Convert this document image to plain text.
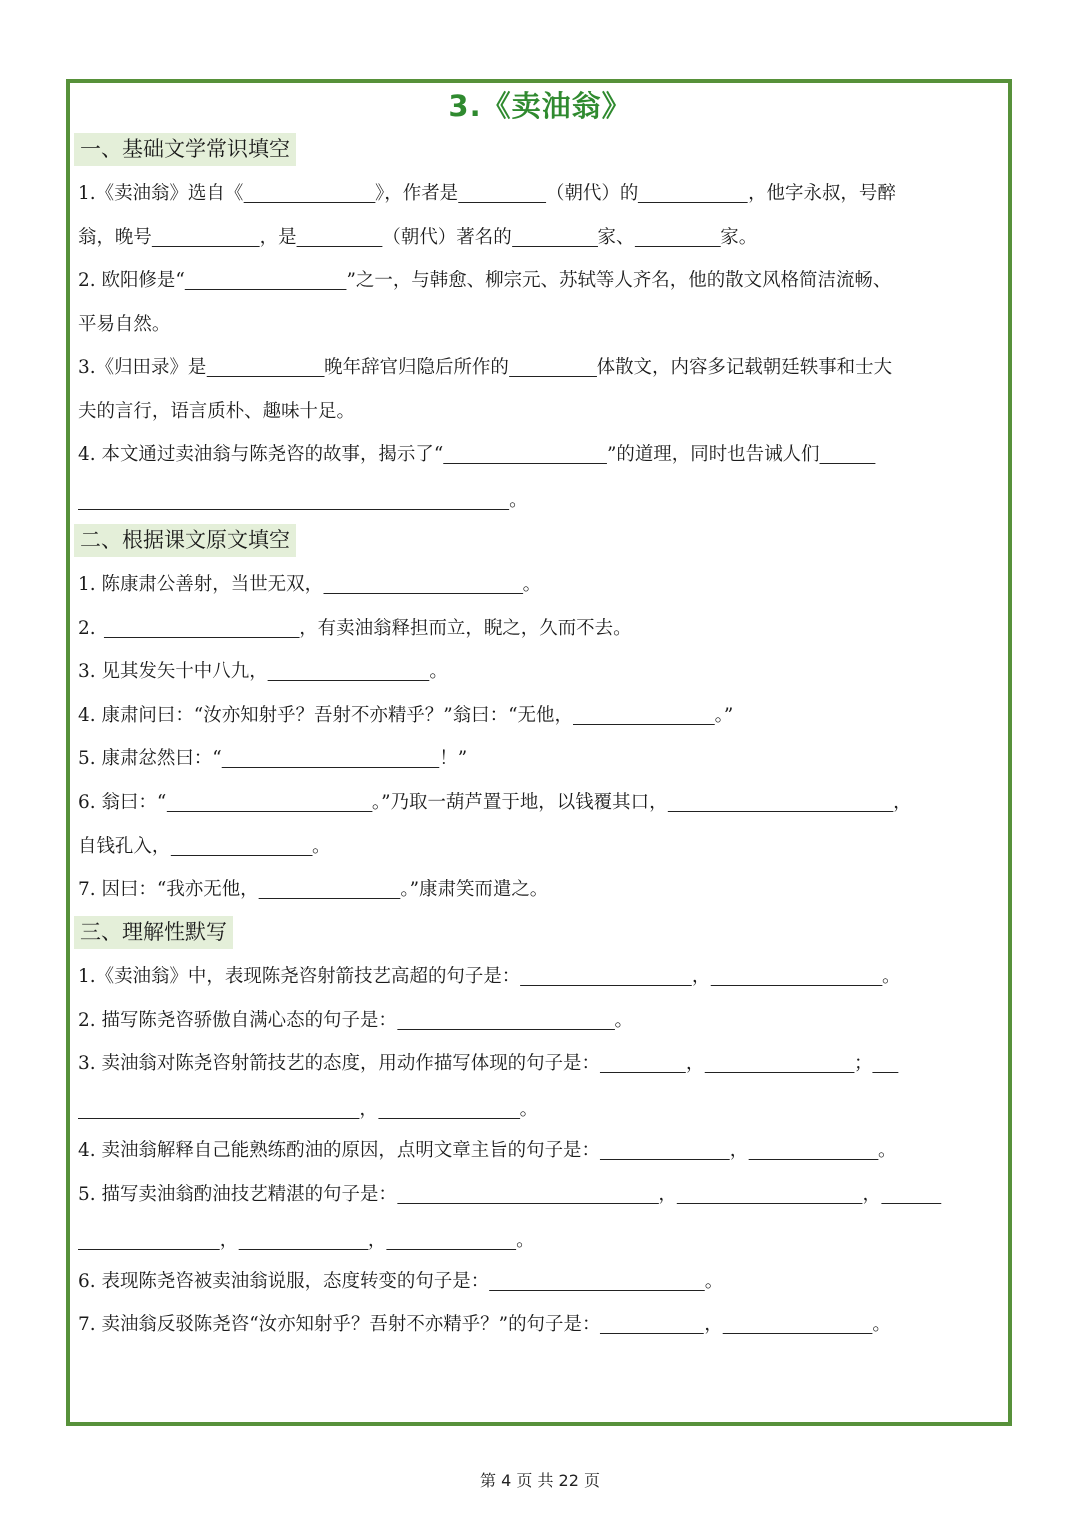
3.《卖油翁》
一、基础文学常识填空
1.《卖油翁》选自《	》，作者是	（朝代）的	，他字永叔，号醉
翁，晚号	，是	（朝代）著名的	家、	家。
2. 欧阳修是“	”之一，与韩愈、柳宗元、苏轼等人齐名，他的散文风格简洁流畅、
平易自然。
3.《归田录》是	晚年辞官归隐后所作的	体散文，内容多记载朝廷轶事和士大
夫的言行，语言质朴、趣味十足。
4. 本文通过卖油翁与陈尧咨的故事，揭示了“	”的道理，同时也告诫人们
。
二、根据课文原文填空
1. 陈康肃公善射，当世无双，	。
2.	，有卖油翁释担而立，睨之，久而不去。
3. 见其发矢十中八九，	。
4. 康肃问曰：“汝亦知射乎？吾射不亦精乎？”翁曰：“无他，	。”
5. 康肃忿然曰：“	！”
6. 翁曰：“	。”乃取一葫芦置于地，以钱覆其口，	，
自钱孔入，	。
7. 因曰：“我亦无他，	。”康肃笑而遣之。
三、理解性默写
1.《卖油翁》中，表现陈尧咨射箭技艺高超的句子是：	，	。
2. 描写陈尧咨骄傲自满心态的句子是：	。
3. 卖油翁对陈尧咨射箭技艺的态度，用动作描写体现的句子是：	，	；
，	。
4. 卖油翁解释自己能熟练酌油的原因，点明文章主旨的句子是：	，	。
5. 描写卖油翁酌油技艺精湛的句子是：	，	，
，	，	。
6. 表现陈尧咨被卖油翁说服，态度转变的句子是：	。
7. 卖油翁反驳陈尧咨“汝亦知射乎？吾射不亦精乎？”的句子是：	，	。
第 4 页 共 22 页
